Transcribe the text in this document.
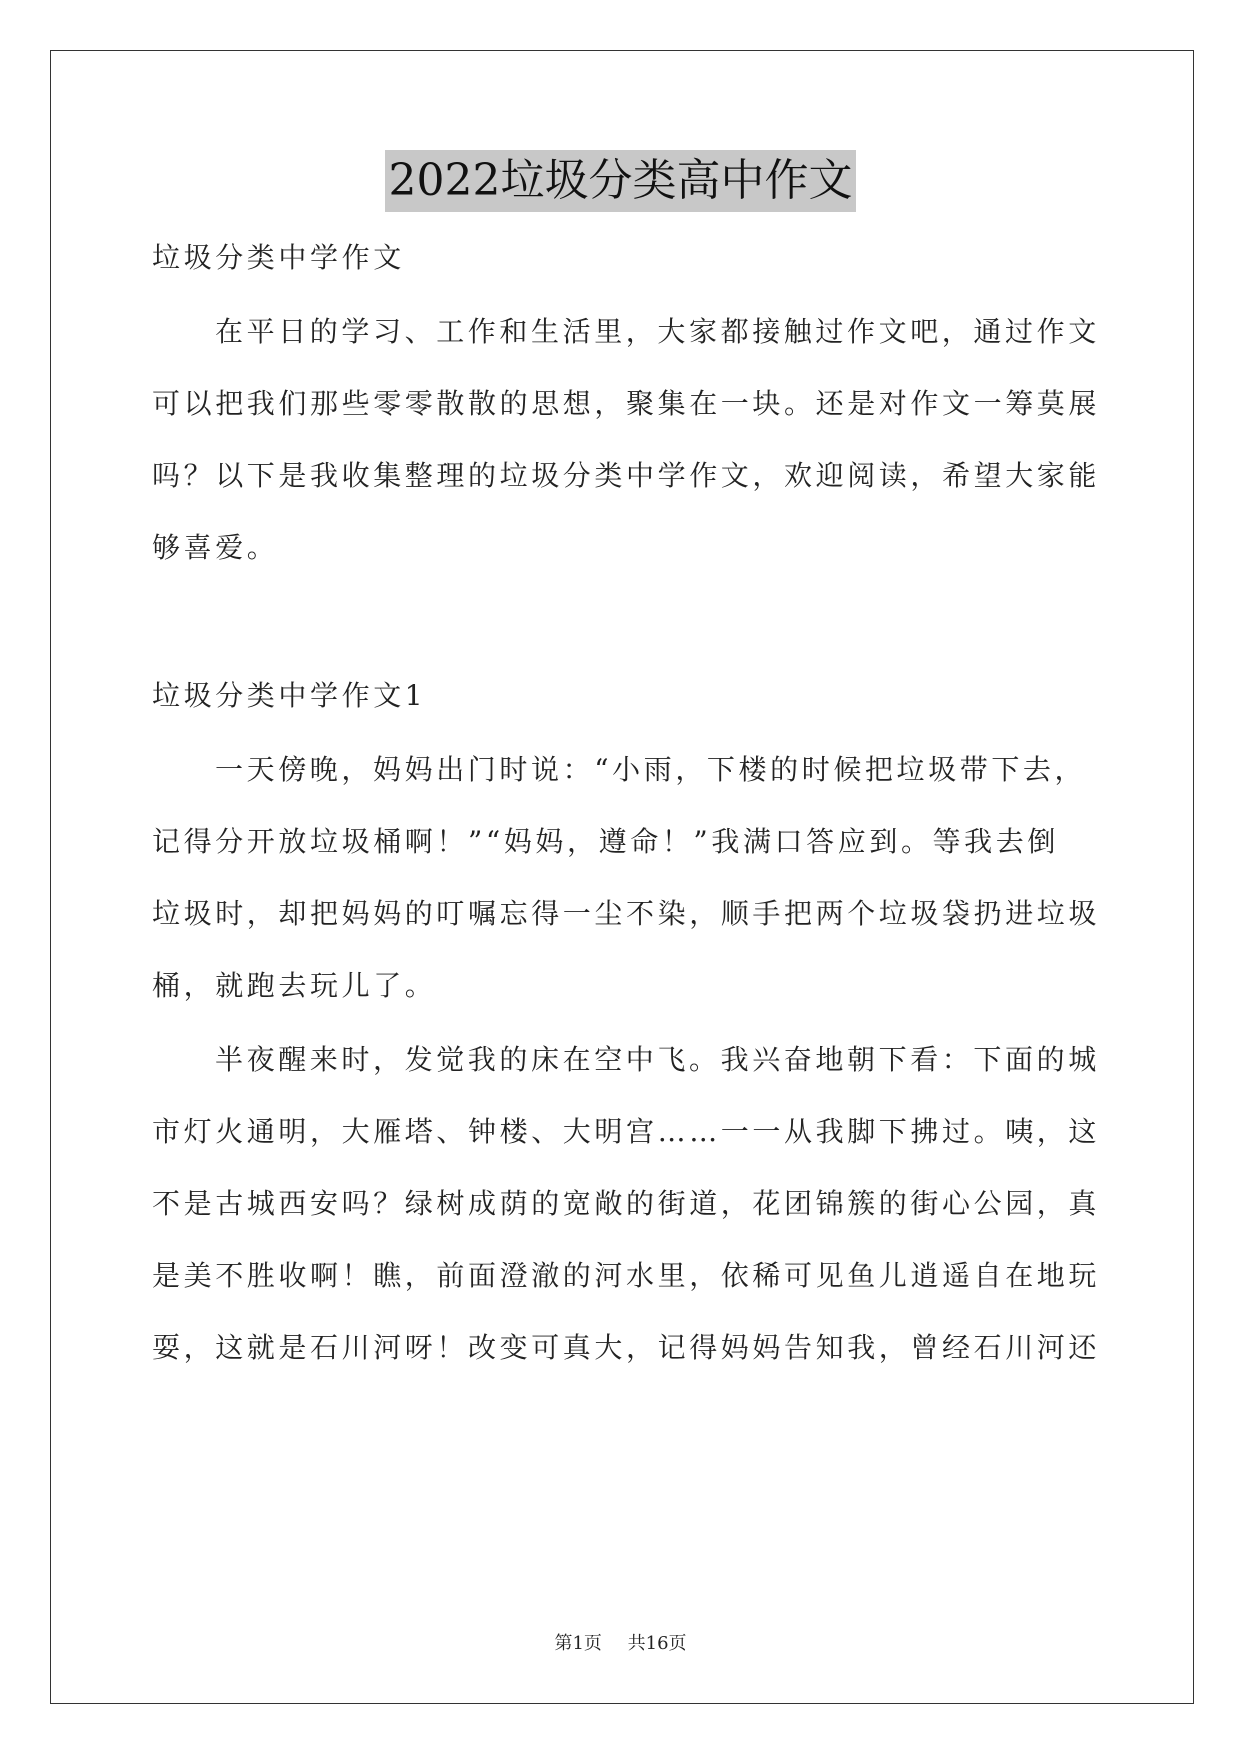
2022垃圾分类高中作文
垃圾分类中学作文
在平日的学习、工作和生活里，大家都接触过作文吧，通过作文
可以把我们那些零零散散的思想，聚集在一块。还是对作文一筹莫展
吗？以下是我收集整理的垃圾分类中学作文，欢迎阅读，希望大家能
够喜爱。
垃圾分类中学作文1
一天傍晚，妈妈出门时说：“小雨，下楼的时候把垃圾带下去，
记得分开放垃圾桶啊！”“妈妈，遵命！”我满口答应到。等我去倒
垃圾时，却把妈妈的叮嘱忘得一尘不染，顺手把两个垃圾袋扔进垃圾
桶，就跑去玩儿了。
半夜醒来时，发觉我的床在空中飞。我兴奋地朝下看：下面的城
市灯火通明，大雁塔、钟楼、大明宫……一一从我脚下拂过。咦，这
不是古城西安吗？绿树成荫的宽敞的街道，花团锦簇的街心公园，真
是美不胜收啊！瞧，前面澄澈的河水里，依稀可见鱼儿逍遥自在地玩
耍，这就是石川河呀！改变可真大，记得妈妈告知我，曾经石川河还
第1页 共16页
